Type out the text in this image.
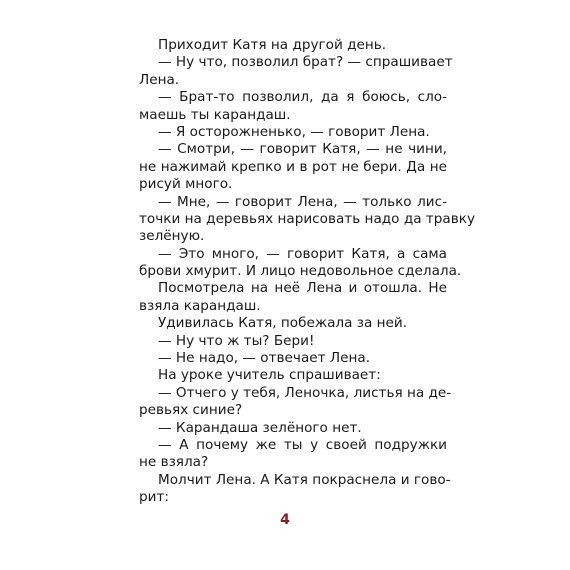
Приходит Катя на другой день.
— Ну что, позволил брат? — спрашивает
Лена.
— Брат-то позволил, да я боюсь, сло-
маешь ты карандаш.
— Я осторожненько, — говорит Лена.
— Смотри, — говорит Катя, — не чини,
не нажимай крепко и в рот не бери. Да не
рисуй много.
— Мне, — говорит Лена, — только лис-
точки на деревьях нарисовать надо да травку
зелёную.
— Это много, — говорит Катя, а сама
брови хмурит. И лицо недовольное сделала.
Посмотрела на неё Лена и отошла. Не
взяла карандаш.
Удивилась Катя, побежала за ней.
— Ну что ж ты? Бери!
— Не надо, — отвечает Лена.
На уроке учитель спрашивает:
— Отчего у тебя, Леночка, листья на де-
ревьях синие?
— Карандаша зелёного нет.
— А почему же ты у своей подружки
не взяла?
Молчит Лена. А Катя покраснела и гово-
рит:
4
